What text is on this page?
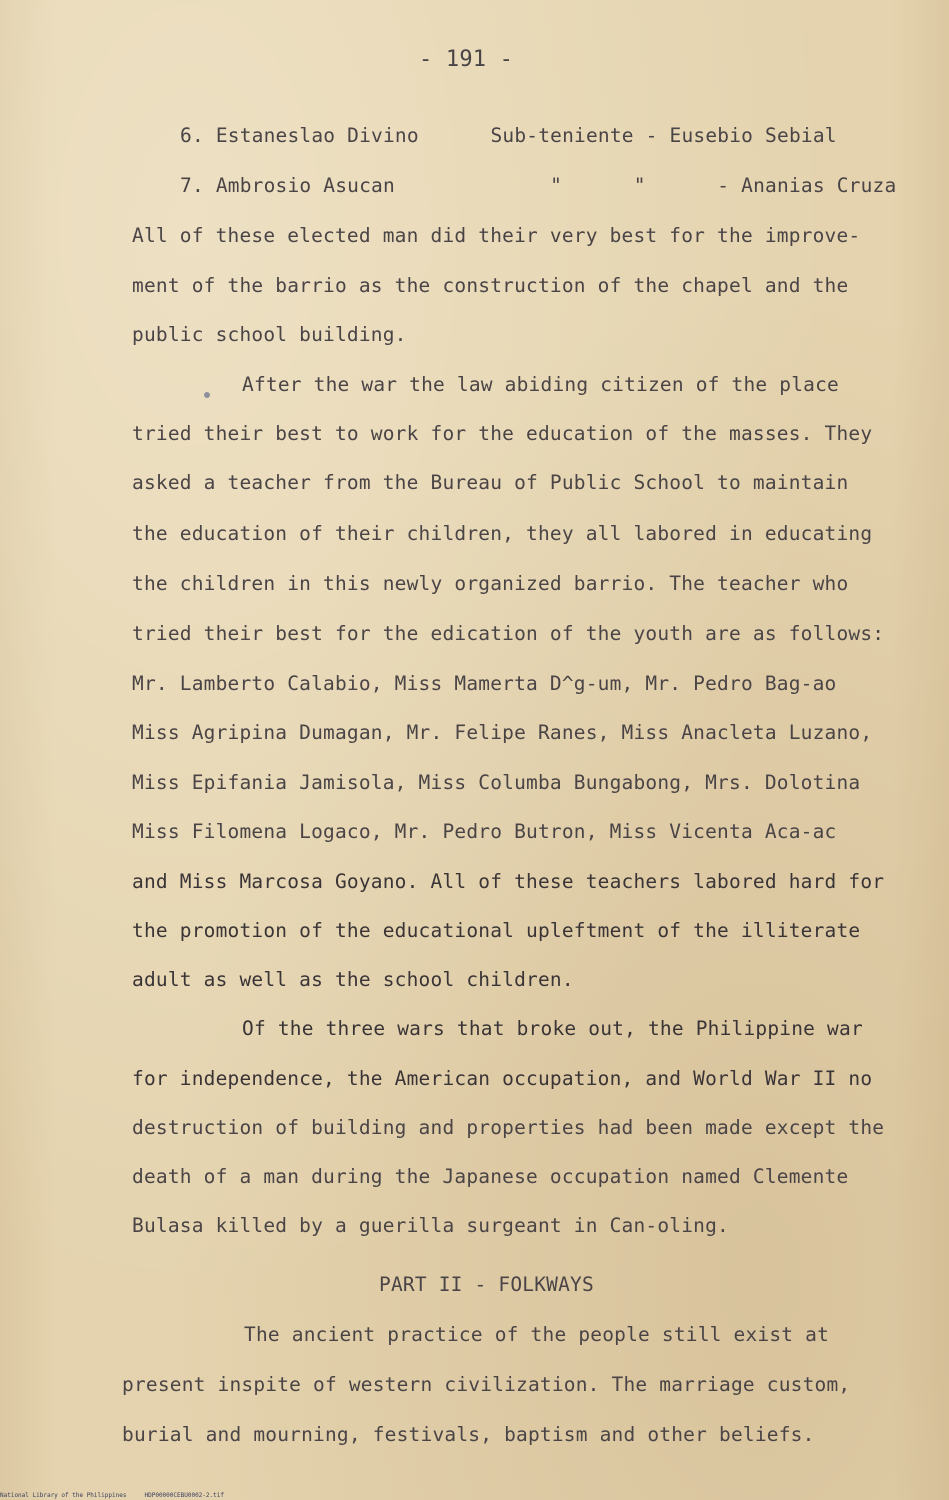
- 191 -
6. Estaneslao Divino      Sub-teniente - Eusebio Sebial
7. Ambrosio Asucan             "      "      - Ananias Cruza
All of these elected man did their very best for the improve-
ment of the barrio as the construction of the chapel and the
public school building.
After the war the law abiding citizen of the place
tried their best to work for the education of the masses. They
asked a teacher from the Bureau of Public School to maintain
the education of their children, they all labored in educating
the children in this newly organized barrio. The teacher who
tried their best for the edication of the youth are as follows:
Mr. Lamberto Calabio, Miss Mamerta D^g-um, Mr. Pedro Bag-ao
Miss Agripina Dumagan, Mr. Felipe Ranes, Miss Anacleta Luzano,
Miss Epifania Jamisola, Miss Columba Bungabong, Mrs. Dolotina
Miss Filomena Logaco, Mr. Pedro Butron, Miss Vicenta Aca-ac
and Miss Marcosa Goyano. All of these teachers labored hard for
the promotion of the educational upleftment of the illiterate
adult as well as the school children.
Of the three wars that broke out, the Philippine war
for independence, the American occupation, and World War II no
destruction of building and properties had been made except the
death of a man during the Japanese occupation named Clemente
Bulasa killed by a guerilla surgeant in Can-oling.
PART II - FOLKWAYS
The ancient practice of the people still exist at
present inspite of western civilization. The marriage custom,
burial and mourning, festivals, baptism and other beliefs.
National Library of the Philippines     HDP00000CEBU0002-2.tif
